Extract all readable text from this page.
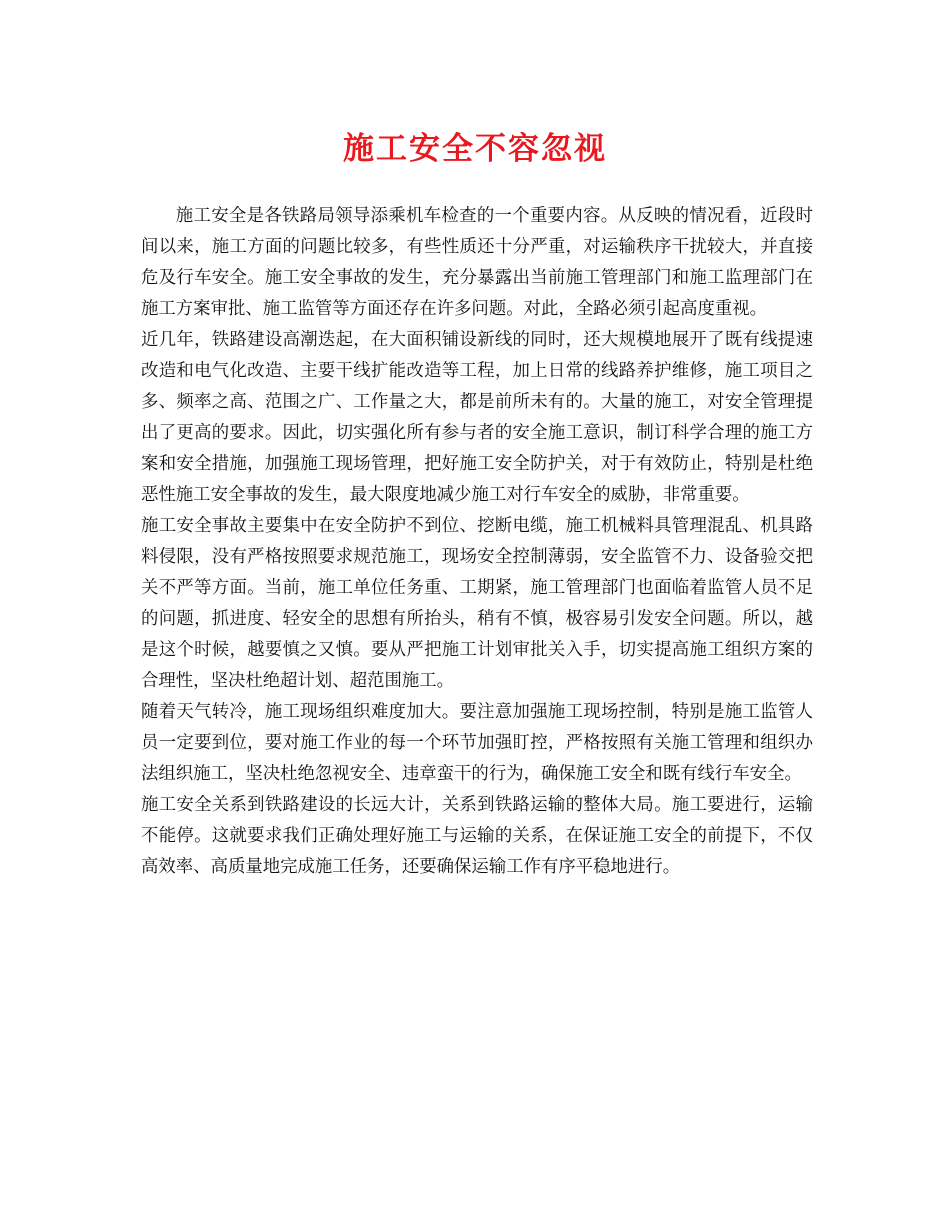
施工安全不容忽视

施工安全是各铁路局领导添乘机车检查的一个重要内容。从反映的情况看，近段时间以来，施工方面的问题比较多，有些性质还十分严重，对运输秩序干扰较大，并直接危及行车安全。施工安全事故的发生，充分暴露出当前施工管理部门和施工监理部门在施工方案审批、施工监管等方面还存在许多问题。对此，全路必须引起高度重视。

近几年，铁路建设高潮迭起，在大面积铺设新线的同时，还大规模地展开了既有线提速改造和电气化改造、主要干线扩能改造等工程，加上日常的线路养护维修，施工项目之多、频率之高、范围之广、工作量之大，都是前所未有的。大量的施工，对安全管理提出了更高的要求。因此，切实强化所有参与者的安全施工意识，制订科学合理的施工方案和安全措施，加强施工现场管理，把好施工安全防护关，对于有效防止，特别是杜绝恶性施工安全事故的发生，最大限度地减少施工对行车安全的威胁，非常重要。

施工安全事故主要集中在安全防护不到位、挖断电缆，施工机械料具管理混乱、机具路料侵限，没有严格按照要求规范施工，现场安全控制薄弱，安全监管不力、设备验交把关不严等方面。当前，施工单位任务重、工期紧，施工管理部门也面临着监管人员不足的问题，抓进度、轻安全的思想有所抬头，稍有不慎，极容易引发安全问题。所以，越是这个时候，越要慎之又慎。要从严把施工计划审批关入手，切实提高施工组织方案的合理性，坚决杜绝超计划、超范围施工。

随着天气转冷，施工现场组织难度加大。要注意加强施工现场控制，特别是施工监管人员一定要到位，要对施工作业的每一个环节加强盯控，严格按照有关施工管理和组织办法组织施工，坚决杜绝忽视安全、违章蛮干的行为，确保施工安全和既有线行车安全。

施工安全关系到铁路建设的长远大计，关系到铁路运输的整体大局。施工要进行，运输不能停。这就要求我们正确处理好施工与运输的关系，在保证施工安全的前提下，不仅高效率、高质量地完成施工任务，还要确保运输工作有序平稳地进行。
